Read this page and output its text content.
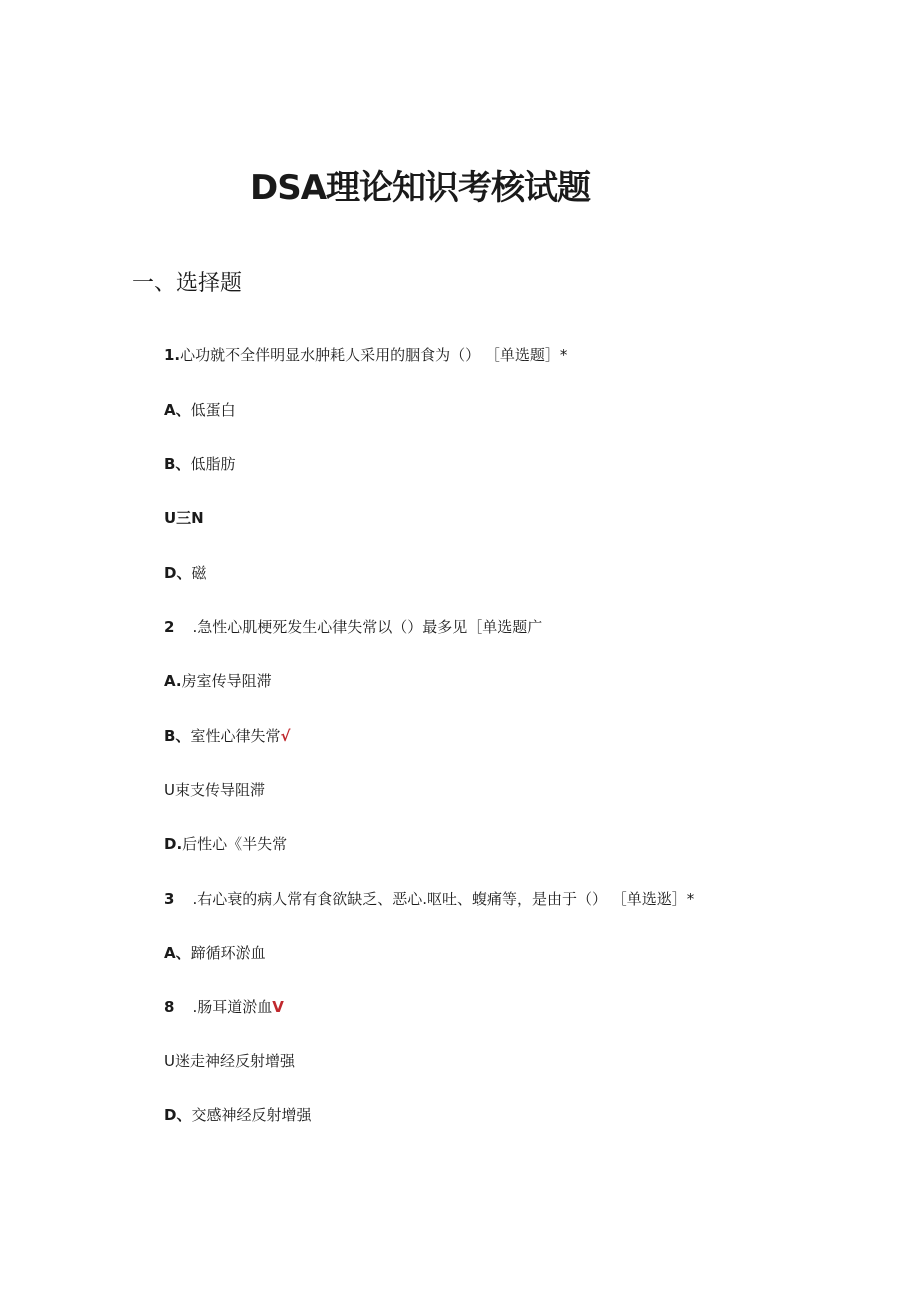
DSA理论知识考核试题
一、选择题
1.心功就不全伴明显水肿耗人采用的胭食为（） ［单选题］*
A、低蛋白
B、低脂肪
U三N
D、磁
2 .急性心肌梗死发生心律失常以（）最多见［单选题广
A.房室传导阻滞
B、室性心律失常√
U束支传导阻滞
D.后性心《半失常
3 .右心衰的病人常有食欲缺乏、恶心.呕吐、蝮痛等，是由于（） ［单选逖］*
A、蹄循环淤血
8 .肠耳道淤血V
U迷走神经反射增强
D、交感神经反射增强
